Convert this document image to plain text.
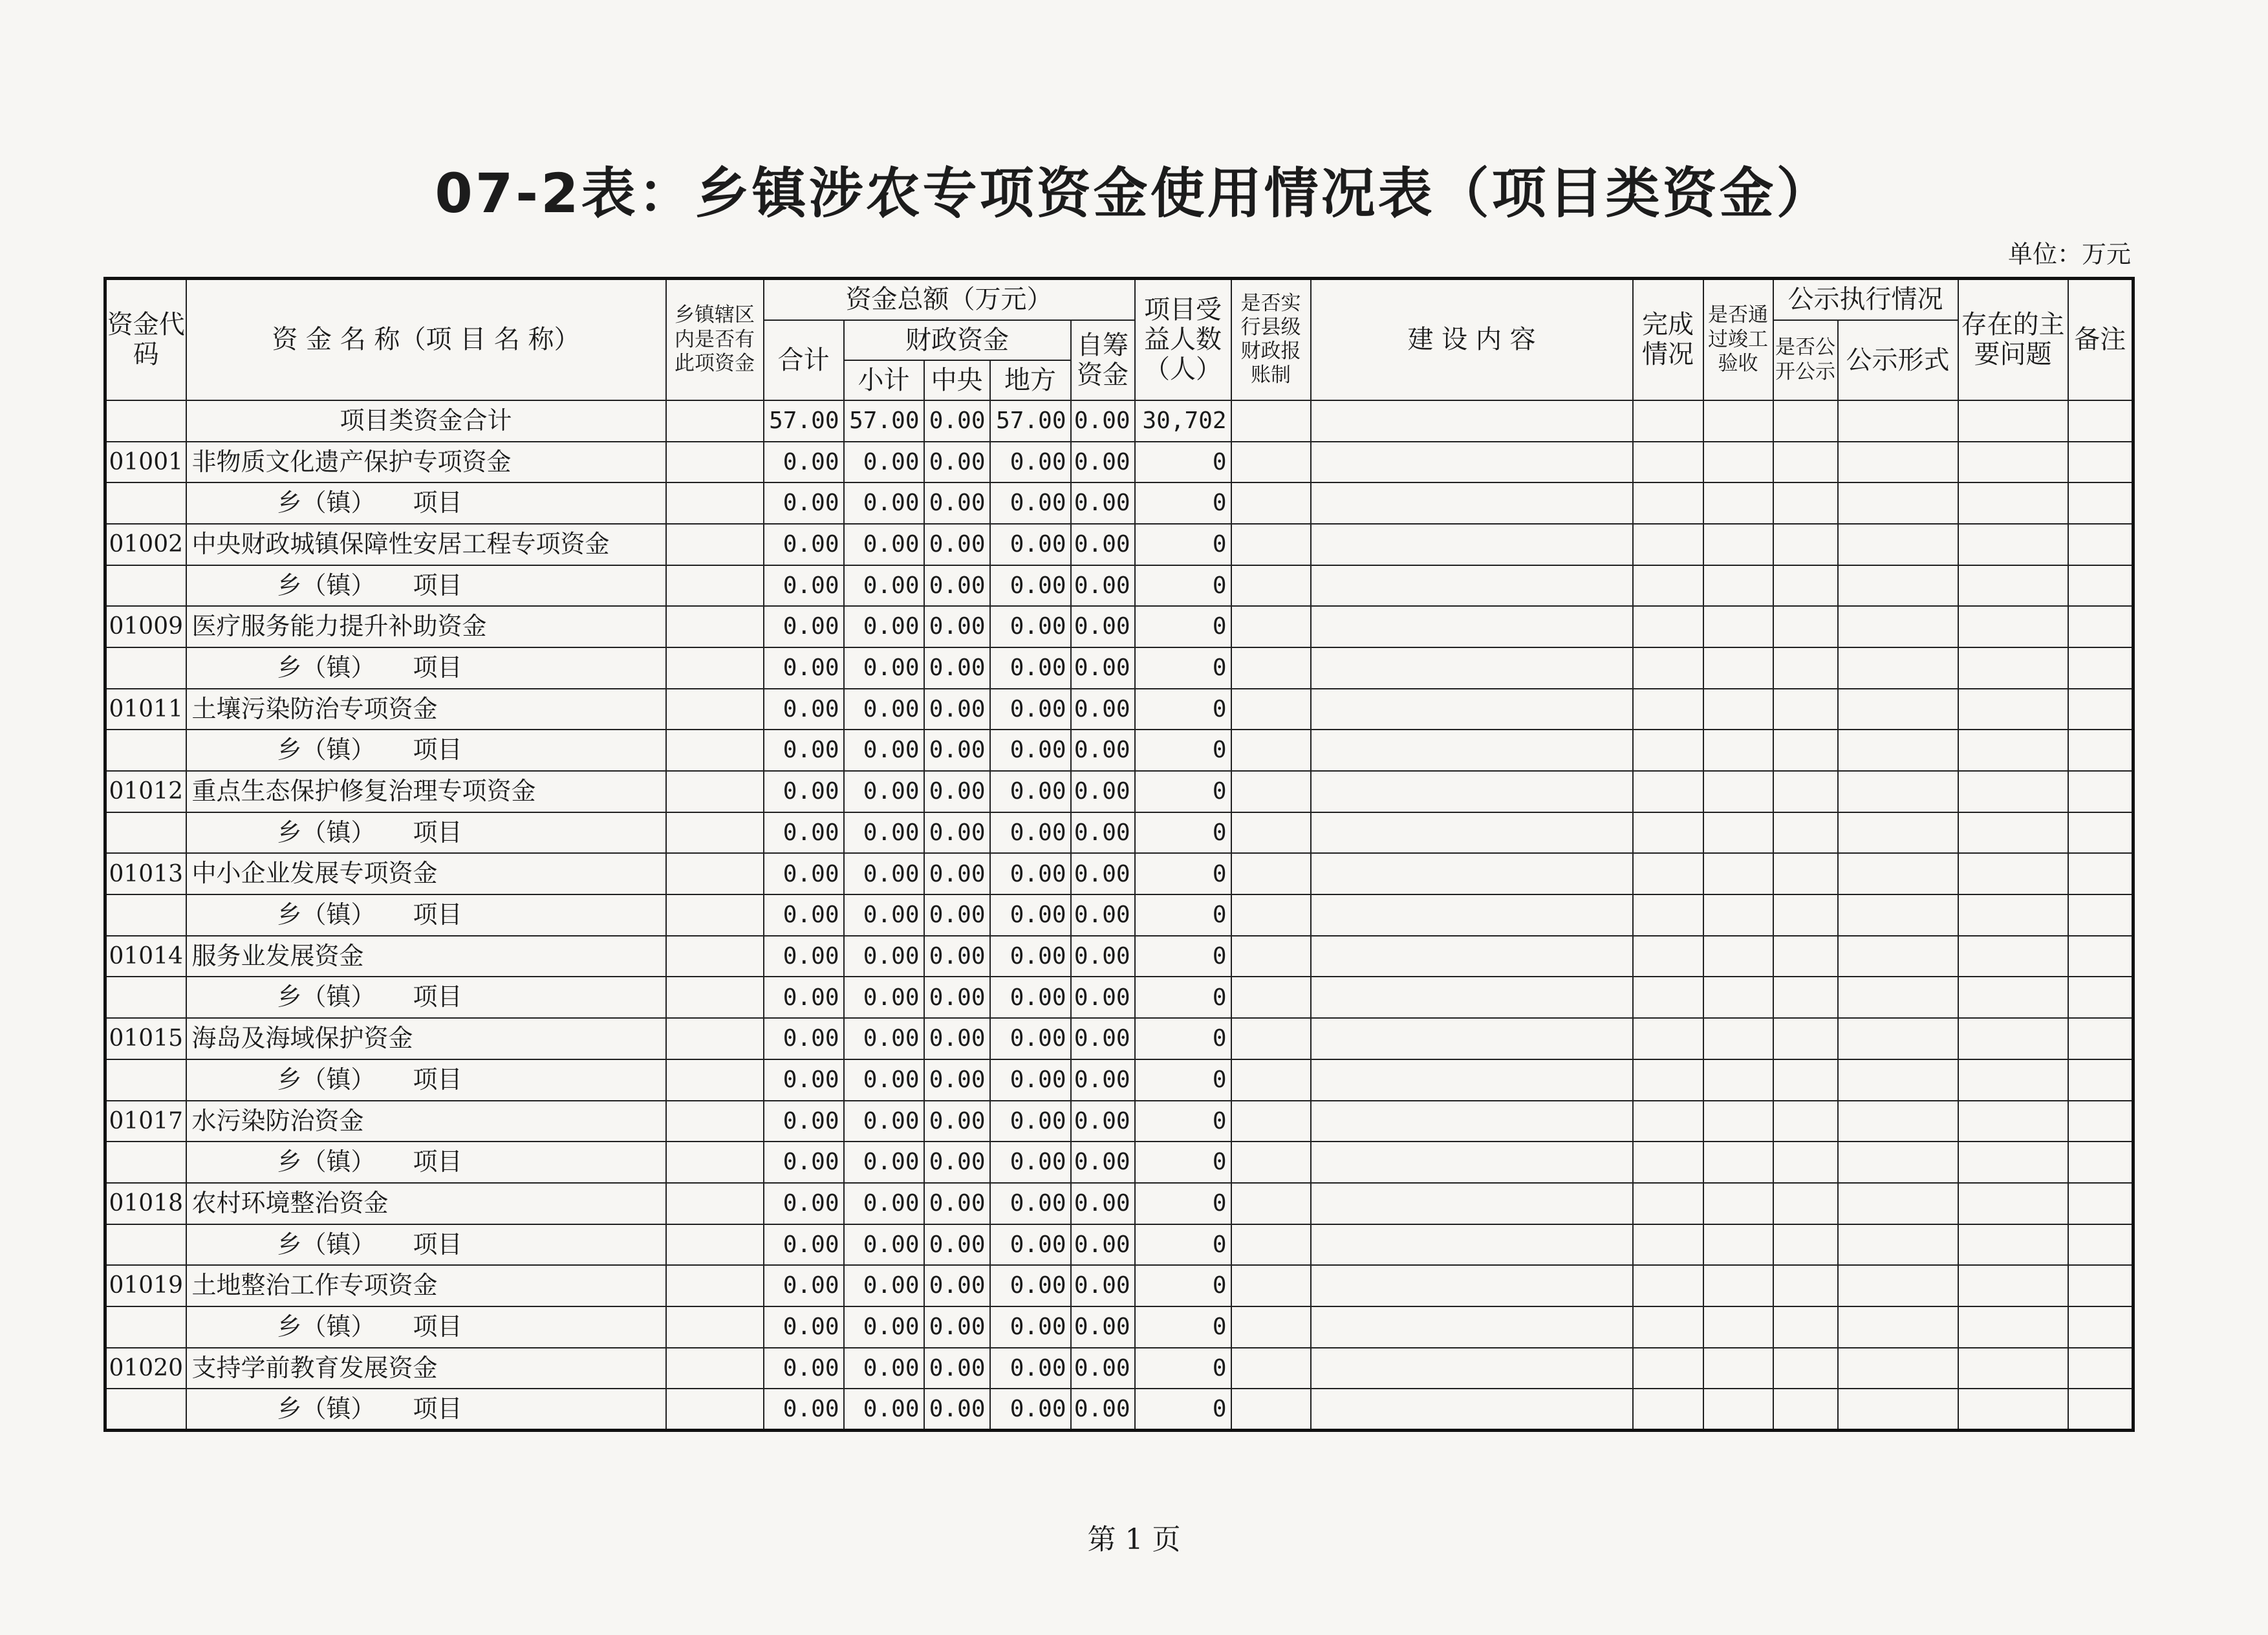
07-2表：乡镇涉农专项资金使用情况表（项目类资金）
单位：万元
资金代码	资 金 名 称（项 目 名 称）	乡镇辖区内是否有此项资金	资金总额（万元）					项目受益人数（人）	是否实行县级财政报账制	建 设 内 容	完成情况	是否通过竣工验收	公示执行情况		存在的主要问题	备注
			合计	财政资金			自筹资金						是否公开公示	公示形式		
				小计	中央	地方										
	项目类资金合计		57.00	57.00	0.00	57.00	0.00	30,702								
01001	非物质文化遗产保护专项资金		0.00	0.00	0.00	0.00	0.00	0								
	乡（镇） 项目		0.00	0.00	0.00	0.00	0.00	0								
01002	中央财政城镇保障性安居工程专项资金		0.00	0.00	0.00	0.00	0.00	0								
	乡（镇） 项目		0.00	0.00	0.00	0.00	0.00	0								
01009	医疗服务能力提升补助资金		0.00	0.00	0.00	0.00	0.00	0								
	乡（镇） 项目		0.00	0.00	0.00	0.00	0.00	0								
01011	土壤污染防治专项资金		0.00	0.00	0.00	0.00	0.00	0								
	乡（镇） 项目		0.00	0.00	0.00	0.00	0.00	0								
01012	重点生态保护修复治理专项资金		0.00	0.00	0.00	0.00	0.00	0								
	乡（镇） 项目		0.00	0.00	0.00	0.00	0.00	0								
01013	中小企业发展专项资金		0.00	0.00	0.00	0.00	0.00	0								
	乡（镇） 项目		0.00	0.00	0.00	0.00	0.00	0								
01014	服务业发展资金		0.00	0.00	0.00	0.00	0.00	0								
	乡（镇） 项目		0.00	0.00	0.00	0.00	0.00	0								
01015	海岛及海域保护资金		0.00	0.00	0.00	0.00	0.00	0								
	乡（镇） 项目		0.00	0.00	0.00	0.00	0.00	0								
01017	水污染防治资金		0.00	0.00	0.00	0.00	0.00	0								
	乡（镇） 项目		0.00	0.00	0.00	0.00	0.00	0								
01018	农村环境整治资金		0.00	0.00	0.00	0.00	0.00	0								
	乡（镇） 项目		0.00	0.00	0.00	0.00	0.00	0								
01019	土地整治工作专项资金		0.00	0.00	0.00	0.00	0.00	0								
	乡（镇） 项目		0.00	0.00	0.00	0.00	0.00	0								
01020	支持学前教育发展资金		0.00	0.00	0.00	0.00	0.00	0								
	乡（镇） 项目		0.00	0.00	0.00	0.00	0.00	0								
第 1 页
